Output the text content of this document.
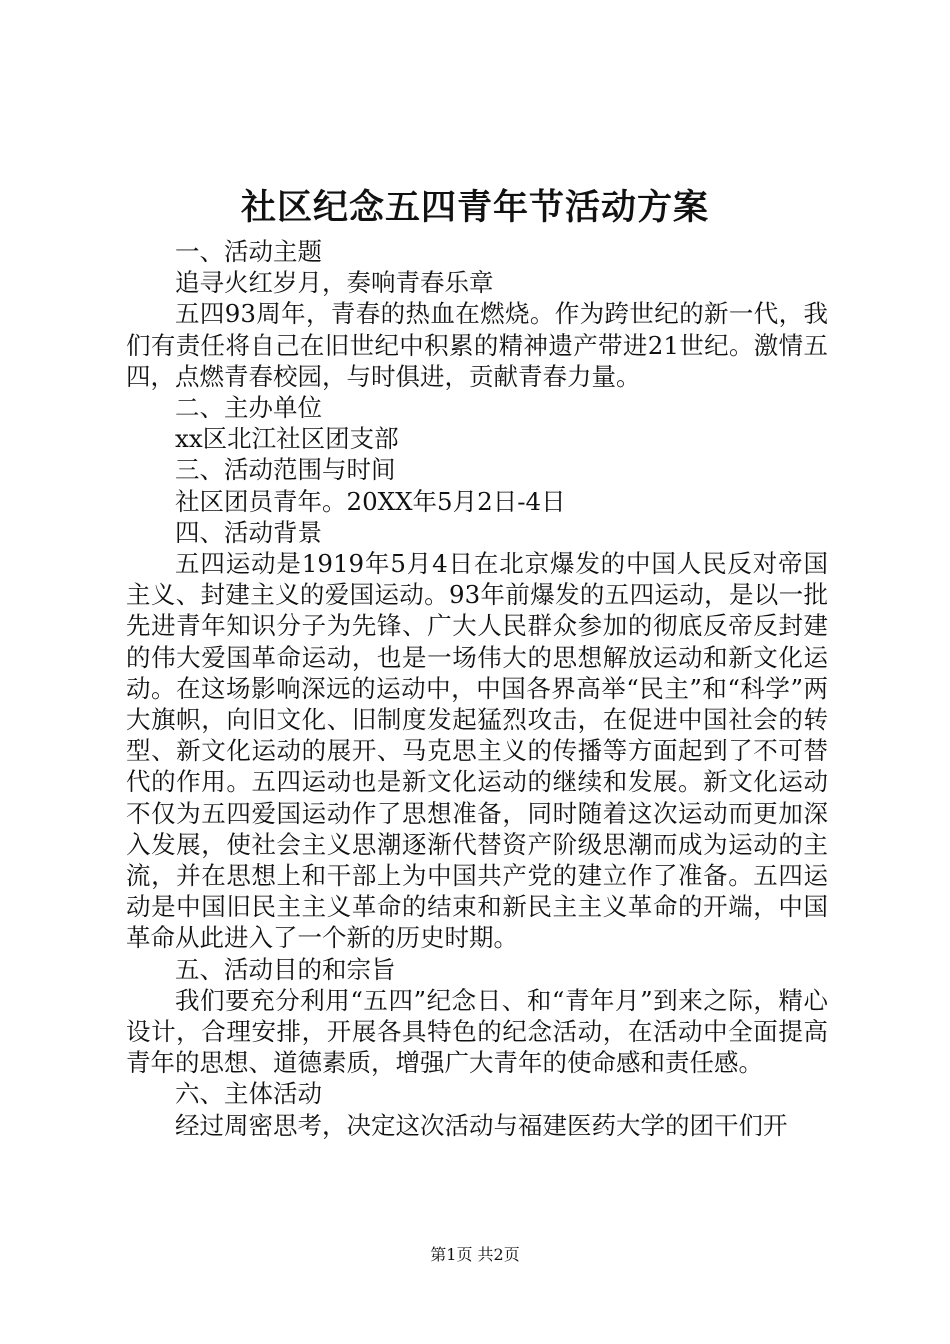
社区纪念五四青年节活动方案

一、活动主题

追寻火红岁月，奏响青春乐章

五四93周年，青春的热血在燃烧。作为跨世纪的新一代，我们有责任将自己在旧世纪中积累的精神遗产带进21世纪。激情五四，点燃青春校园，与时俱进，贡献青春力量。

二、主办单位

xx区北江社区团支部

三、活动范围与时间

社区团员青年。20XX年5月2日-4日

四、活动背景

五四运动是1919年5月4日在北京爆发的中国人民反对帝国主义、封建主义的爱国运动。93年前爆发的五四运动，是以一批先进青年知识分子为先锋、广大人民群众参加的彻底反帝反封建的伟大爱国革命运动，也是一场伟大的思想解放运动和新文化运动。在这场影响深远的运动中，中国各界高举“民主”和“科学”两大旗帜，向旧文化、旧制度发起猛烈攻击，在促进中国社会的转型、新文化运动的展开、马克思主义的传播等方面起到了不可替代的作用。五四运动也是新文化运动的继续和发展。新文化运动不仅为五四爱国运动作了思想准备，同时随着这次运动而更加深入发展，使社会主义思潮逐渐代替资产阶级思潮而成为运动的主流，并在思想上和干部上为中国共产党的建立作了准备。五四运动是中国旧民主主义革命的结束和新民主主义革命的开端，中国革命从此进入了一个新的历史时期。

五、活动目的和宗旨

我们要充分利用“五四”纪念日、和“青年月”到来之际，精心设计，合理安排，开展各具特色的纪念活动，在活动中全面提高青年的思想、道德素质，增强广大青年的使命感和责任感。

六、主体活动

经过周密思考，决定这次活动与福建医药大学的团干们开

第1页 共2页
